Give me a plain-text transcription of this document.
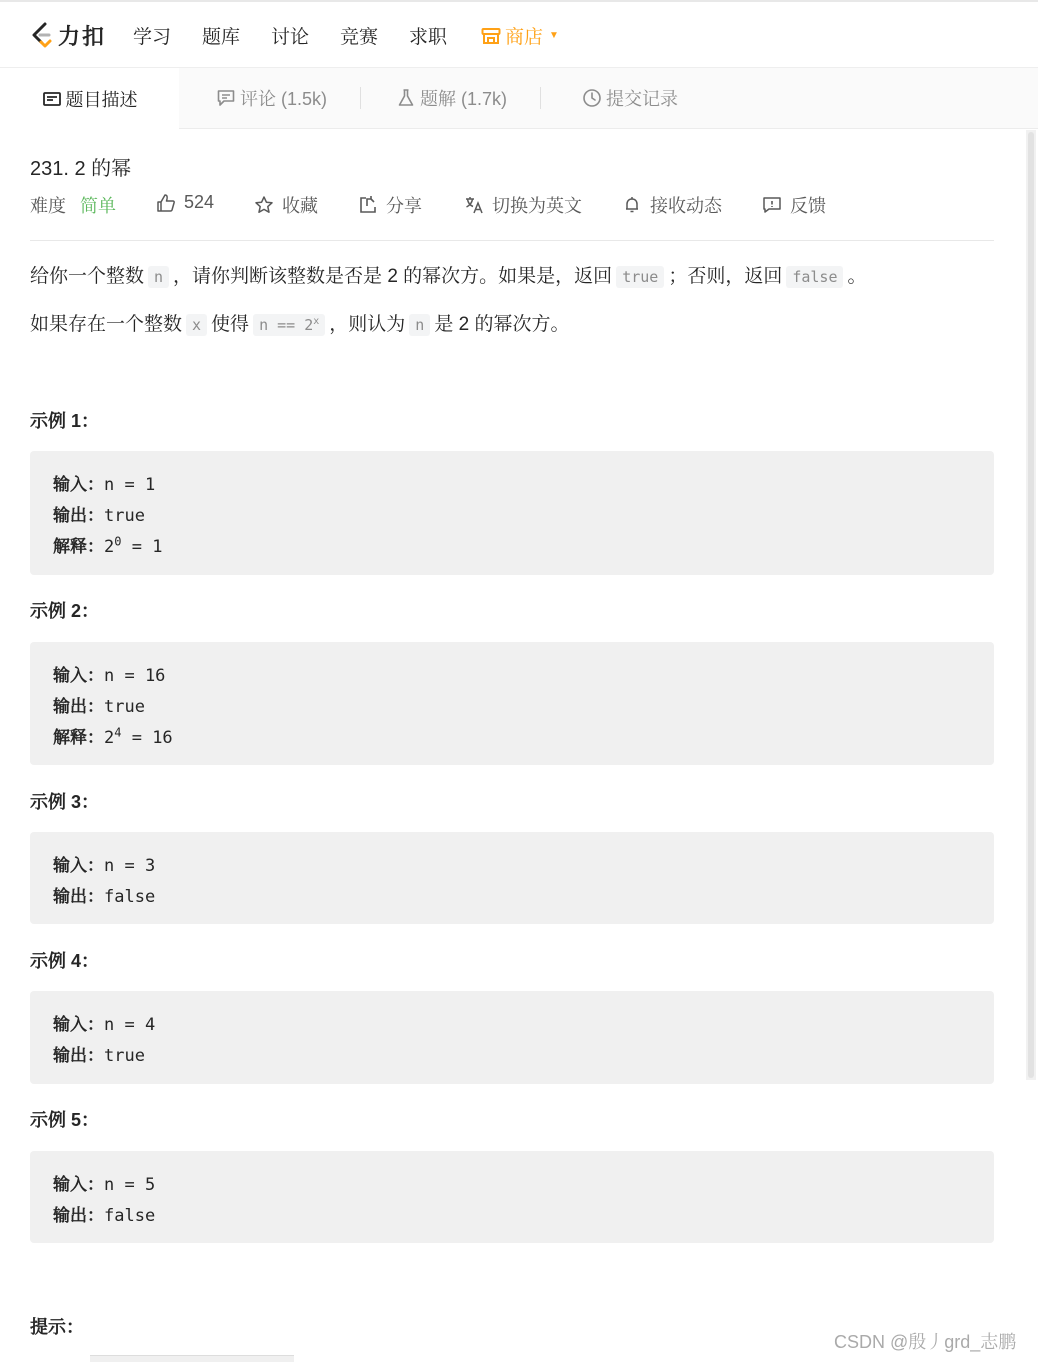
力扣 学习 题库 讨论 竞赛 求职	商店 ▼
题目描述	评论 (1.5k)	题解 (1.7k)	提交记录
231. 2 的幂
难度 简单	524	收藏	分享	切换为英文	接收动态	反馈
给你一个整数 n ，请你判断该整数是否是 2 的幂次方。如果是，返回 true ；否则，返回 false 。
如果存在一个整数 x 使得 $n == 2^x$ ，则认为 n 是 2 的幂次方。
示例 1：
输入：n = 1
输出：true
解释：$2^0 = 1$
示例 2：
输入：n = 16
输出：true
解释：$2^4 = 16$
示例 3：
输入：n = 3
输出：false
示例 4：
输入：n = 4
输出：true
示例 5：
输入：n = 5
输出：false
提示：
CSDN @殷丿grd_志鹏
